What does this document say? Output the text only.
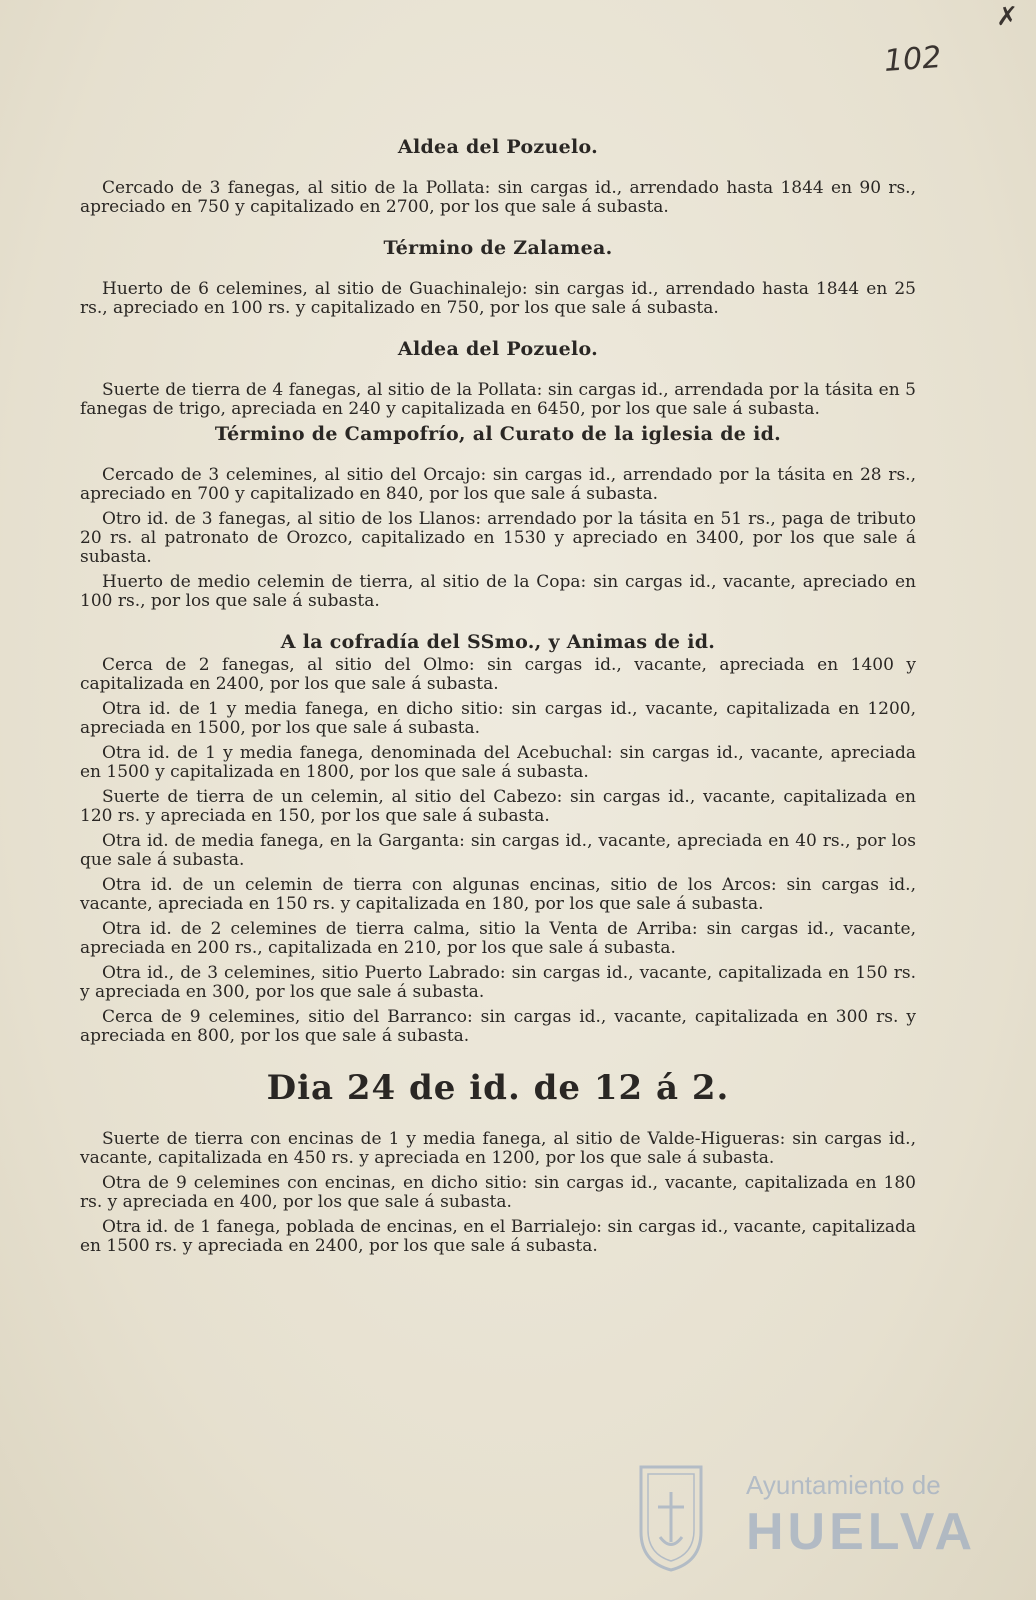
✗
102
Aldea del Pozuelo.

Cercado de 3 fanegas, al sitio de la Pollata: sin cargas id., arrendado hasta 1844 en 90 rs., apreciado en 750 y capitalizado en 2700, por los que sale á subasta.

Término de Zalamea.

Huerto de 6 celemines, al sitio de Guachinalejo: sin cargas id., arrendado hasta 1844 en 25 rs., apreciado en 100 rs. y capitalizado en 750, por los que sale á subasta.

Aldea del Pozuelo.

Suerte de tierra de 4 fanegas, al sitio de la Pollata: sin cargas id., arrendada por la tásita en 5 fanegas de trigo, apreciada en 240 y capitalizada en 6450, por los que sale á subasta.

Término de Campofrío, al Curato de la iglesia de id.

Cercado de 3 celemines, al sitio del Orcajo: sin cargas id., arrendado por la tásita en 28 rs., apreciado en 700 y capitalizado en 840, por los que sale á subasta.

Otro id. de 3 fanegas, al sitio de los Llanos: arrendado por la tásita en 51 rs., paga de tributo 20 rs. al patronato de Orozco, capitalizado en 1530 y apreciado en 3400, por los que sale á subasta.

Huerto de medio celemin de tierra, al sitio de la Copa: sin cargas id., vacante, apreciado en 100 rs., por los que sale á subasta.

A la cofradía del SSmo., y Animas de id.

Cerca de 2 fanegas, al sitio del Olmo: sin cargas id., vacante, apreciada en 1400 y capitalizada en 2400, por los que sale á subasta.

Otra id. de 1 y media fanega, en dicho sitio: sin cargas id., vacante, capitalizada en 1200, apreciada en 1500, por los que sale á subasta.

Otra id. de 1 y media fanega, denominada del Acebuchal: sin cargas id., vacante, apreciada en 1500 y capitalizada en 1800, por los que sale á subasta.

Suerte de tierra de un celemin, al sitio del Cabezo: sin cargas id., vacante, capitalizada en 120 rs. y apreciada en 150, por los que sale á subasta.

Otra id. de media fanega, en la Garganta: sin cargas id., vacante, apreciada en 40 rs., por los que sale á subasta.

Otra id. de un celemin de tierra con algunas encinas, sitio de los Arcos: sin cargas id., vacante, apreciada en 150 rs. y capitalizada en 180, por los que sale á subasta.

Otra id. de 2 celemines de tierra calma, sitio la Venta de Arriba: sin cargas id., vacante, apreciada en 200 rs., capitalizada en 210, por los que sale á subasta.

Otra id., de 3 celemines, sitio Puerto Labrado: sin cargas id., vacante, capitalizada en 150 rs. y apreciada en 300, por los que sale á subasta.

Cerca de 9 celemines, sitio del Barranco: sin cargas id., vacante, capitalizada en 300 rs. y apreciada en 800, por los que sale á subasta.

Dia 24 de id. de 12 á 2.

Suerte de tierra con encinas de 1 y media fanega, al sitio de Valde-Higueras: sin cargas id., vacante, capitalizada en 450 rs. y apreciada en 1200, por los que sale á subasta.

Otra de 9 celemines con encinas, en dicho sitio: sin cargas id., vacante, capitalizada en 180 rs. y apreciada en 400, por los que sale á subasta.

Otra id. de 1 fanega, poblada de encinas, en el Barrialejo: sin cargas id., vacante, capitalizada en 1500 rs. y apreciada en 2400, por los que sale á subasta.

Ayuntamiento de
HUELVA
